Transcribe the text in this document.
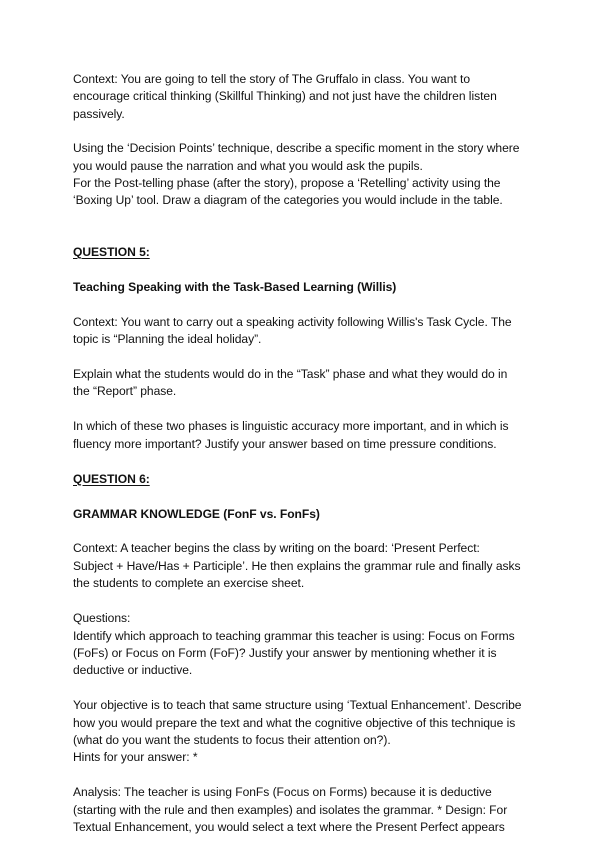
Context: You are going to tell the story of The Gruffalo in class. You want to
encourage critical thinking (Skillful Thinking) and not just have the children listen
passively.

Using the ‘Decision Points’ technique, describe a specific moment in the story where
you would pause the narration and what you would ask the pupils.

For the Post-telling phase (after the story), propose a ‘Retelling’ activity using the
‘Boxing Up’ tool. Draw a diagram of the categories you would include in the table.

QUESTION 5:

Teaching Speaking with the Task-Based Learning (Willis)

Context: You want to carry out a speaking activity following Willis's Task Cycle. The
topic is “Planning the ideal holiday”.

Explain what the students would do in the “Task” phase and what they would do in
the “Report” phase.

In which of these two phases is linguistic accuracy more important, and in which is
fluency more important? Justify your answer based on time pressure conditions.

QUESTION 6:

GRAMMAR KNOWLEDGE (FonF vs. FonFs)

Context: A teacher begins the class by writing on the board: ‘Present Perfect:
Subject + Have/Has + Participle’. He then explains the grammar rule and finally asks
the students to complete an exercise sheet.

Questions:

Identify which approach to teaching grammar this teacher is using: Focus on Forms
(FoFs) or Focus on Form (FoF)? Justify your answer by mentioning whether it is
deductive or inductive.

Your objective is to teach that same structure using ‘Textual Enhancement’. Describe
how you would prepare the text and what the cognitive objective of this technique is
(what do you want the students to focus their attention on?).

Hints for your answer: *

Analysis: The teacher is using FonFs (Focus on Forms) because it is deductive
(starting with the rule and then examples) and isolates the grammar. * Design: For
Textual Enhancement, you would select a text where the Present Perfect appears
